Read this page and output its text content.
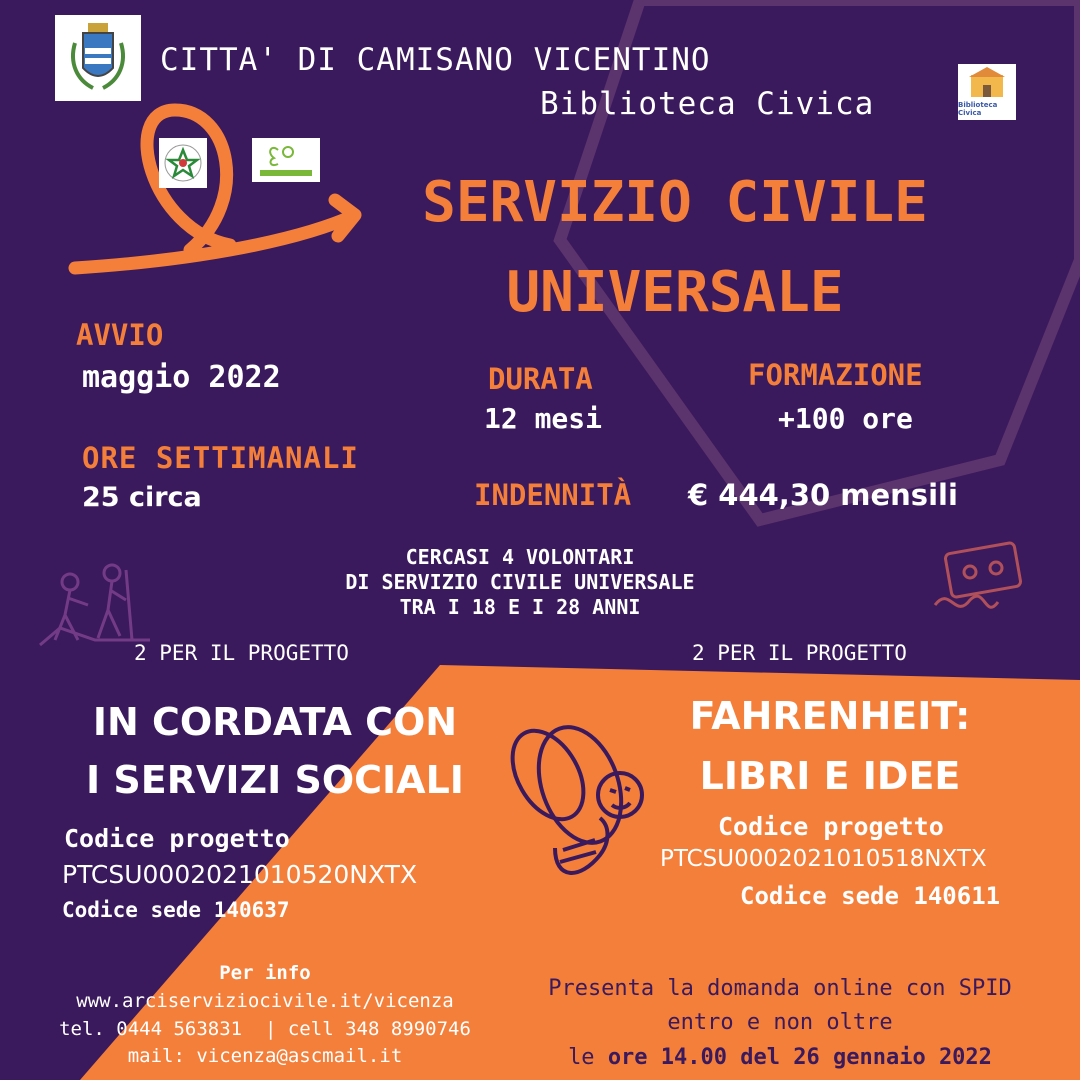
Biblioteca Civica
CITTA' DI CAMISANO VICENTINO
Biblioteca Civica
SERVIZIO CIVILE
UNIVERSALE
AVVIO
maggio 2022
ORE SETTIMANALI
25 circa
DURATA
12 mesi
FORMAZIONE
+100 ore
INDENNITÀ € 444,30 mensili
CERCASI 4 VOLONTARI
DI SERVIZIO CIVILE UNIVERSALE
TRA I 18 E I 28 ANNI
2 PER IL PROGETTO
IN CORDATA CON
I SERVIZI SOCIALI
Codice progetto
PTCSU0002021010520NXTX
Codice sede 140637
2 PER IL PROGETTO
FAHRENHEIT:
LIBRI E IDEE
Codice progetto
PTCSU0002021010518NXTX
Codice sede 140611
Per info
www.arciserviziocivile.it/vicenza
tel. 0444 563831  | cell 348 8990746
mail: vicenza@ascmail.it
Presenta la domanda online con SPID
entro e non oltre
le ore 14.00 del 26 gennaio 2022
